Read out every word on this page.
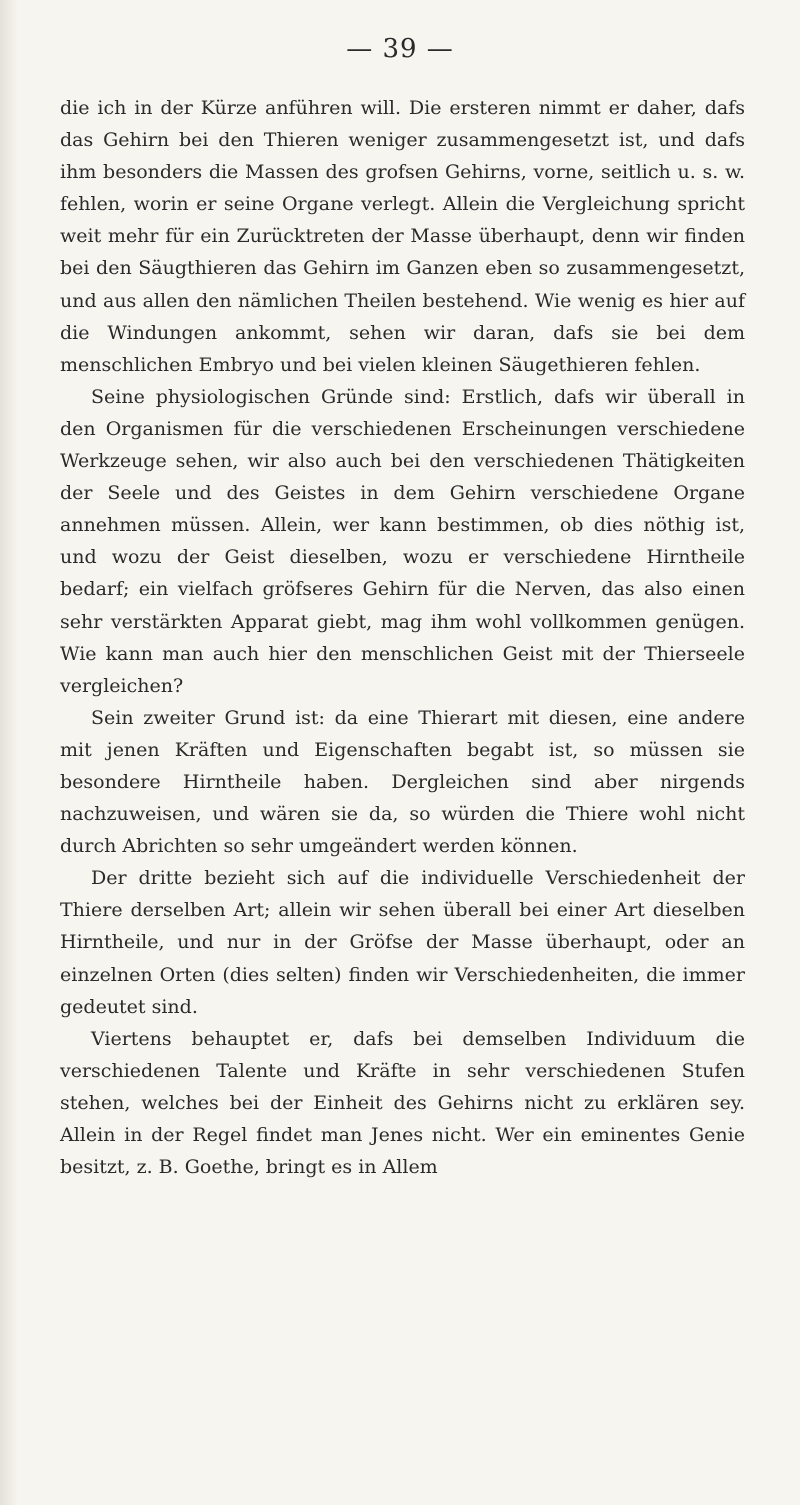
— 39 —

die ich in der Kürze anführen will. Die ersteren nimmt er daher, dafs das Gehirn bei den Thieren weniger zusammengesetzt ist, und dafs ihm besonders die Massen des grofsen Gehirns, vorne, seitlich u. s. w. fehlen, worin er seine Organe verlegt. Allein die Vergleichung spricht weit mehr für ein Zurücktreten der Masse überhaupt, denn wir finden bei den Säugthieren das Gehirn im Ganzen eben so zusammengesetzt, und aus allen den nämlichen Theilen bestehend. Wie wenig es hier auf die Windungen ankommt, sehen wir daran, dafs sie bei dem menschlichen Embryo und bei vielen kleinen Säugethieren fehlen.

Seine physiologischen Gründe sind: Erstlich, dafs wir überall in den Organismen für die verschiedenen Erscheinungen verschiedene Werkzeuge sehen, wir also auch bei den verschiedenen Thätigkeiten der Seele und des Geistes in dem Gehirn verschiedene Organe annehmen müssen. Allein, wer kann bestimmen, ob dies nöthig ist, und wozu der Geist dieselben, wozu er verschiedene Hirntheile bedarf; ein vielfach gröfseres Gehirn für die Nerven, das also einen sehr verstärkten Apparat giebt, mag ihm wohl vollkommen genügen. Wie kann man auch hier den menschlichen Geist mit der Thierseele vergleichen?

Sein zweiter Grund ist: da eine Thierart mit diesen, eine andere mit jenen Kräften und Eigenschaften begabt ist, so müssen sie besondere Hirntheile haben. Dergleichen sind aber nirgends nachzuweisen, und wären sie da, so würden die Thiere wohl nicht durch Abrichten so sehr umgeändert werden können.

Der dritte bezieht sich auf die individuelle Verschiedenheit der Thiere derselben Art; allein wir sehen überall bei einer Art dieselben Hirntheile, und nur in der Gröfse der Masse überhaupt, oder an einzelnen Orten (dies selten) finden wir Verschiedenheiten, die immer gedeutet sind.

Viertens behauptet er, dafs bei demselben Individuum die verschiedenen Talente und Kräfte in sehr verschiedenen Stufen stehen, welches bei der Einheit des Gehirns nicht zu erklären sey. Allein in der Regel findet man Jenes nicht. Wer ein eminentes Genie besitzt, z. B. Goethe, bringt es in Allem
